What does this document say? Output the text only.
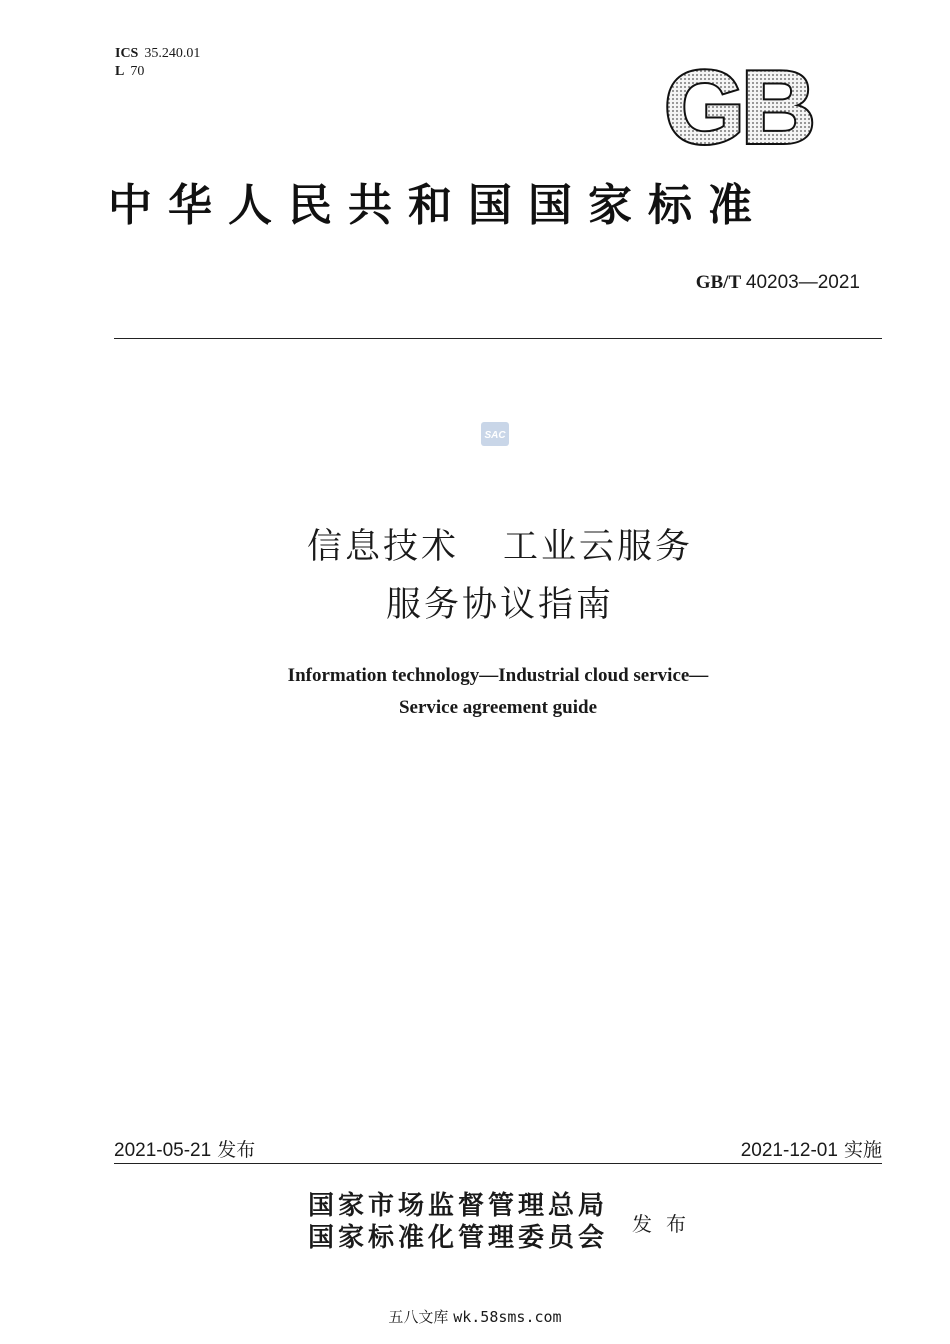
ICS 35.240.01
L 70	GB
中华人民共和国国家标准
GB/T 40203—2021
SAC
信息技术 工业云服务
服务协议指南
Information technology—Industrial cloud service—
Service agreement guide
2021-05-21 发布	2021-12-01 实施
国家市场监督管理总局
国家标准化管理委员会 发布
五八文库 wk.58sms.com
